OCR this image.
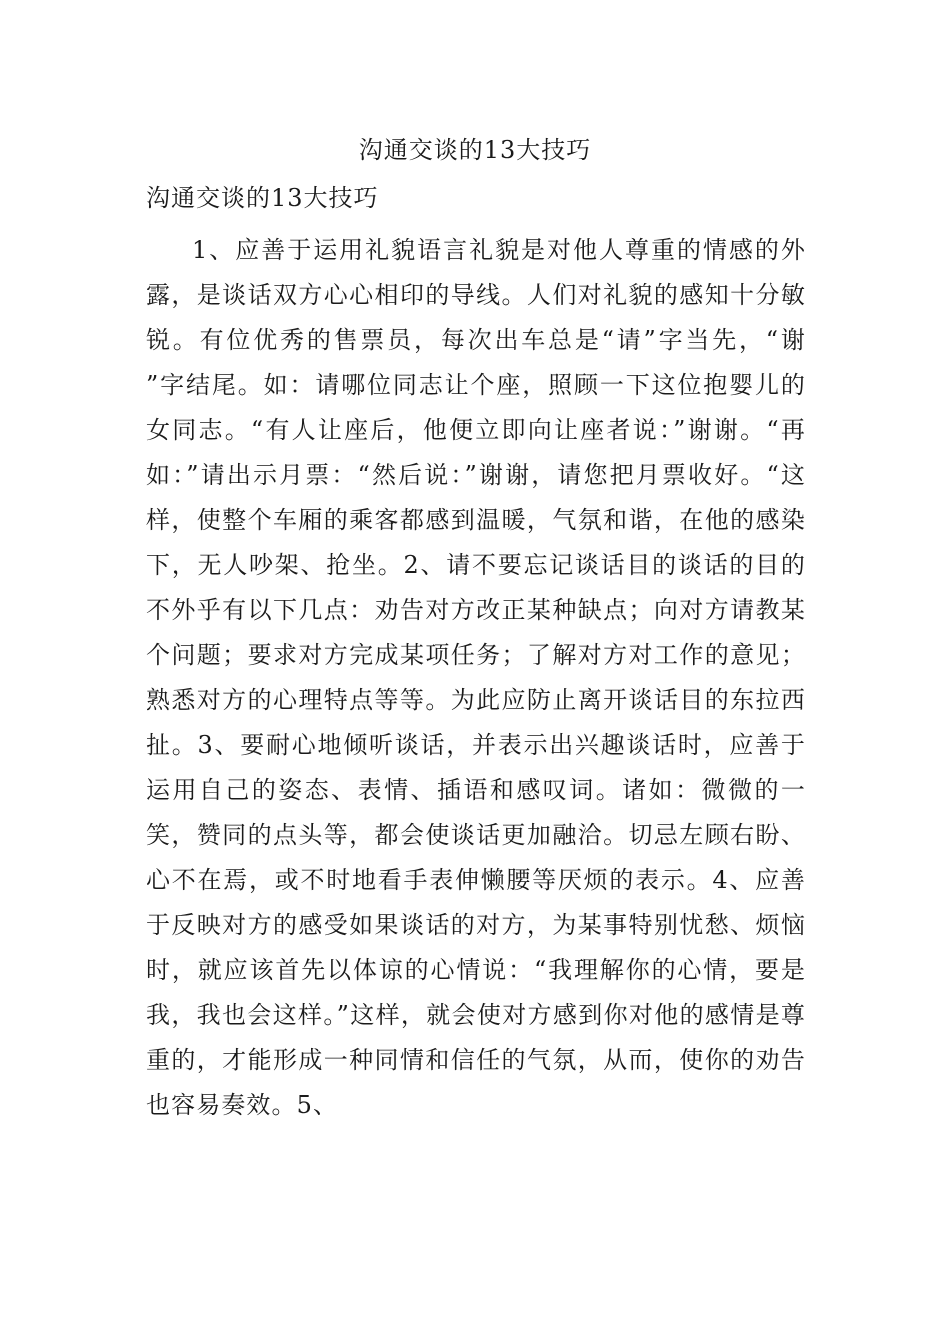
沟通交谈的13大技巧
沟通交谈的13大技巧

1、应善于运用礼貌语言礼貌是对他人尊重的情感的外露，是谈话双方心心相印的导线。人们对礼貌的感知十分敏锐。有位优秀的售票员，每次出车总是“请”字当先，“谢 ”字结尾。如：请哪位同志让个座，照顾一下这位抱婴儿的女同志。“有人让座后，他便立即向让座者说：”谢谢。“再如：”请出示月票：“然后说：”谢谢，请您把月票收好。“这样，使整个车厢的乘客都感到温暖，气氛和谐，在他的感染下，无人吵架、抢坐。2、请不要忘记谈话目的谈话的目的不外乎有以下几点：劝告对方改正某种缺点；向对方请教某个问题；要求对方完成某项任务；了解对方对工作的意见；熟悉对方的心理特点等等。为此应防止离开谈话目的东拉西扯。3、要耐心地倾听谈话，并表示出兴趣谈话时，应善于运用自己的姿态、表情、插语和感叹词。诸如：微微的一笑，赞同的点头等，都会使谈话更加融洽。切忌左顾右盼、心不在焉，或不时地看手表伸懒腰等厌烦的表示。4、应善于反映对方的感受如果谈话的对方，为某事特别忧愁、烦恼时，就应该首先以体谅的心情说：“我理解你的心情，要是我，我也会这样。”这样，就会使对方感到你对他的感情是尊重的，才能形成一种同情和信任的气氛，从而，使你的劝告也容易奏效。5、
